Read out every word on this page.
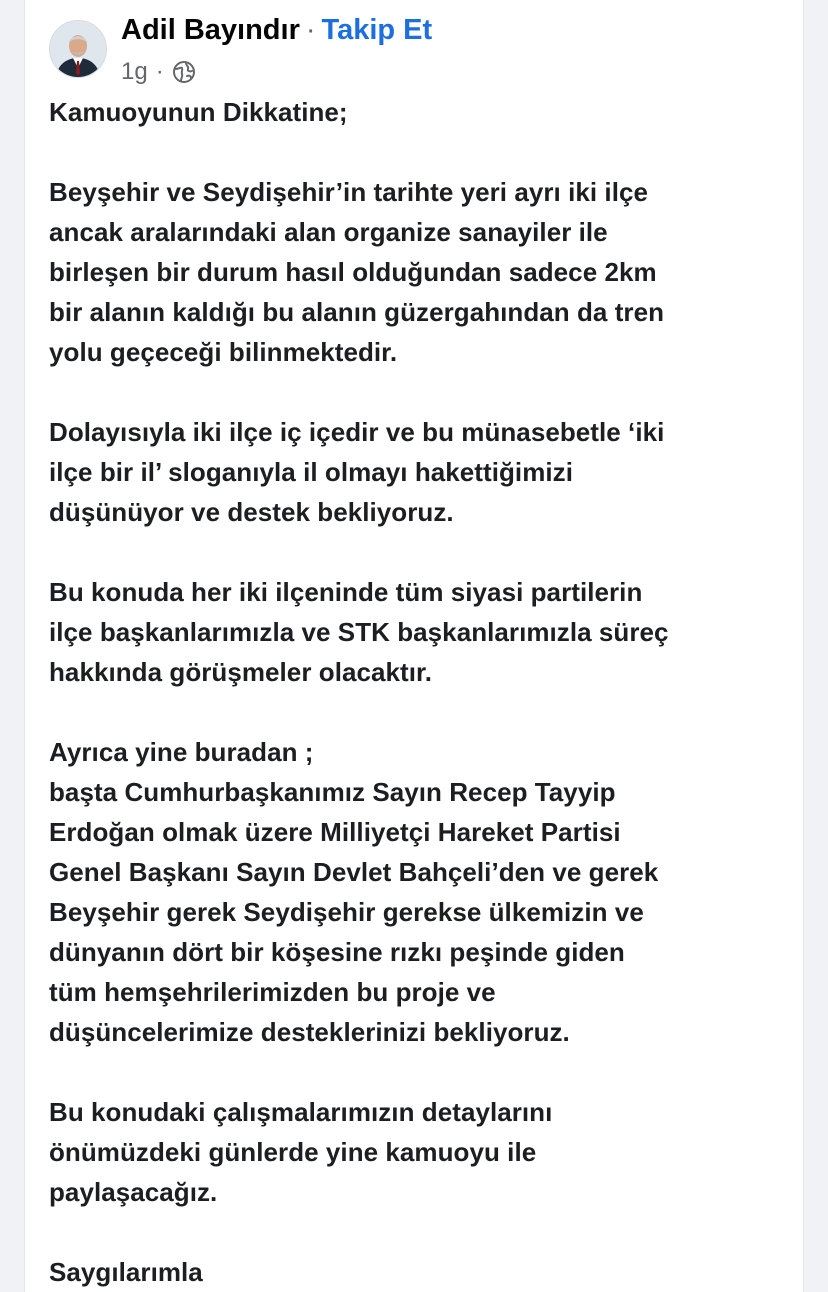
Adil Bayındır · Takip Et
1g ·
Kamuoyunun Dikkatine;
Beyşehir ve Seydişehir’in tarihte yeri ayrı iki ilçe
ancak aralarındaki alan organize sanayiler ile
birleşen bir durum hasıl olduğundan sadece 2km
bir alanın kaldığı bu alanın güzergahından da tren
yolu geçeceği bilinmektedir.
Dolayısıyla iki ilçe iç içedir ve bu münasebetle ‘iki
ilçe bir il’ sloganıyla il olmayı hakettiğimizi
düşünüyor ve destek bekliyoruz.
Bu konuda her iki ilçeninde tüm siyasi partilerin
ilçe başkanlarımızla ve STK başkanlarımızla süreç
hakkında görüşmeler olacaktır.
Ayrıca yine buradan ;
başta Cumhurbaşkanımız Sayın Recep Tayyip
Erdoğan olmak üzere Milliyetçi Hareket Partisi
Genel Başkanı Sayın Devlet Bahçeli’den ve gerek
Beyşehir gerek Seydişehir gerekse ülkemizin ve
dünyanın dört bir köşesine rızkı peşinde giden
tüm hemşehrilerimizden bu proje ve
düşüncelerimize desteklerinizi bekliyoruz.
Bu konudaki çalışmalarımızın detaylarını
önümüzdeki günlerde yine kamuoyu ile
paylaşacağız.
Saygılarımla
